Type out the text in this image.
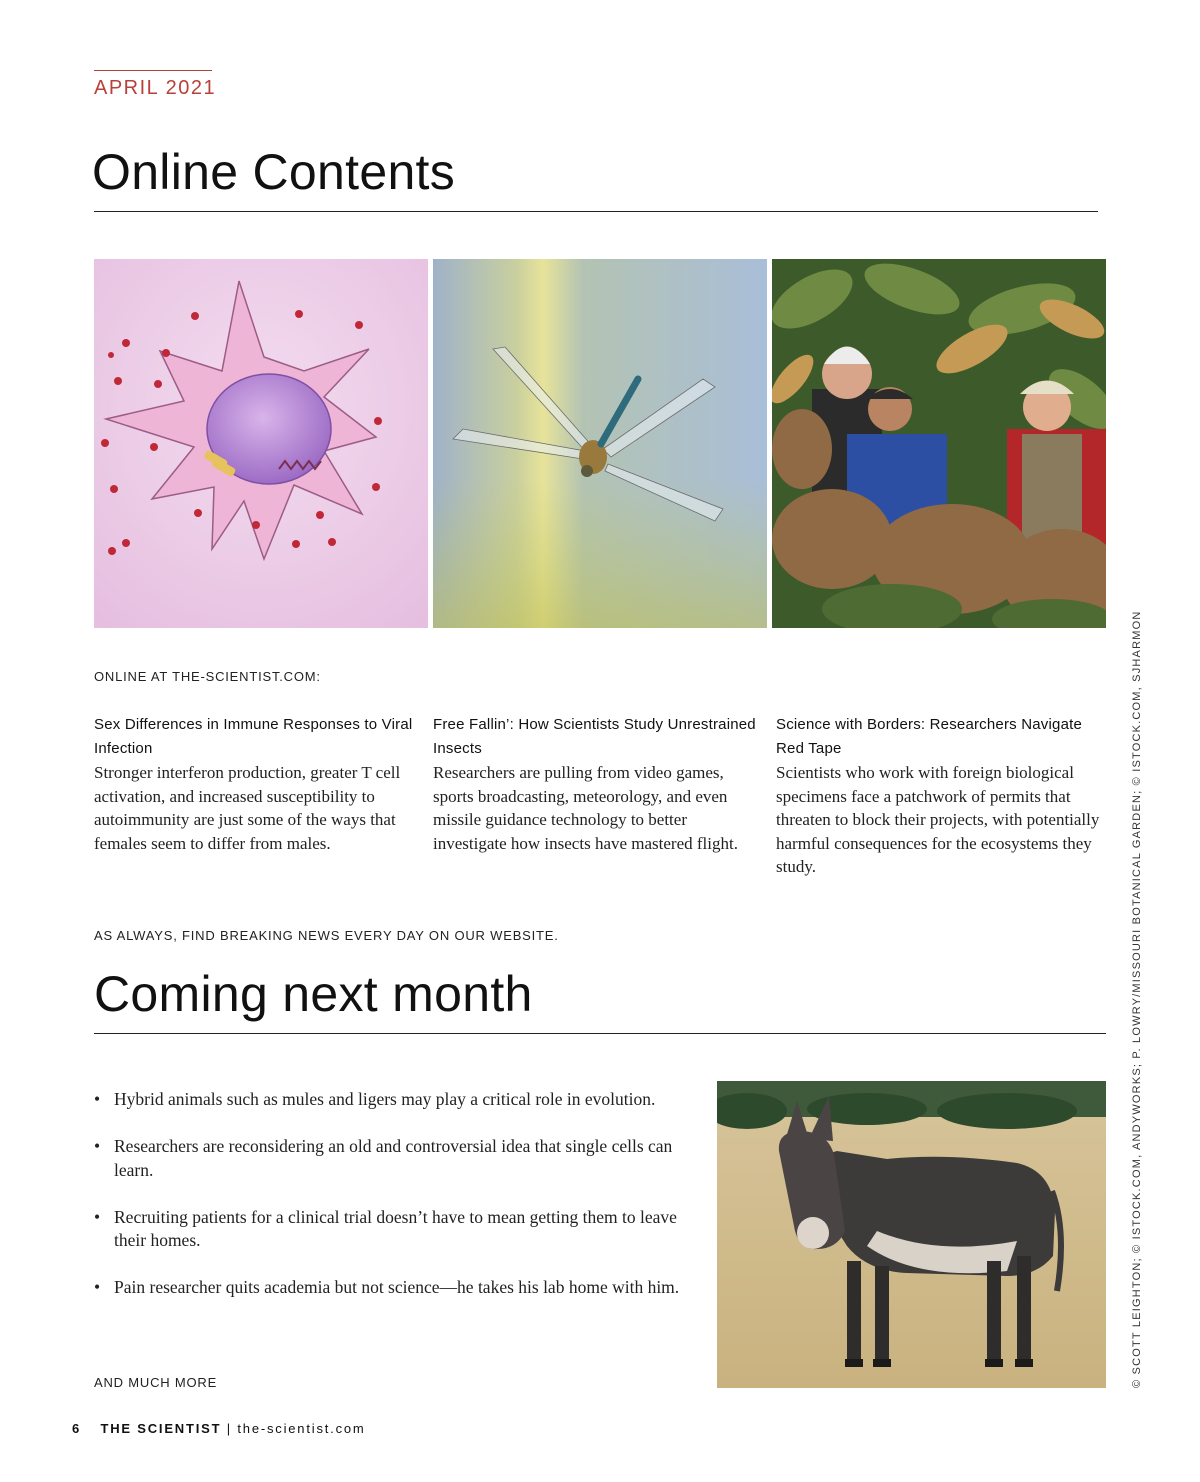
APRIL 2021
Online Contents
ONLINE AT THE-SCIENTIST.COM:
Sex Differences in Immune Responses to Viral Infection
Stronger interferon production, greater T cell activation, and increased susceptibility to autoimmunity are just some of the ways that females seem to differ from males.
Free Fallin’: How Scientists Study Unrestrained Insects
Researchers are pulling from video games, sports broadcasting, meteorology, and even missile guidance technology to better investigate how insects have mastered flight.
Science with Borders: Researchers Navigate Red Tape
Scientists who work with foreign biological specimens face a patchwork of permits that threaten to block their projects, with potentially harmful consequences for the ecosystems they study.
AS ALWAYS, FIND BREAKING NEWS EVERY DAY ON OUR WEBSITE.
Coming next month
• Hybrid animals such as mules and ligers may play a critical role in evolution.
• Researchers are reconsidering an old and controversial idea that single cells can learn.
• Recruiting patients for a clinical trial doesn’t have to mean getting them to leave their homes.
• Pain researcher quits academia but not science—he takes his lab home with him.
AND MUCH MORE	© SCOTT LEIGHTON; © ISTOCK.COM, ANDYWORKS; P. LOWRY/MISSOURI BOTANICAL GARDEN; © ISTOCK.COM, SJHARMON
6 THE SCIENTIST | the-scientist.com
